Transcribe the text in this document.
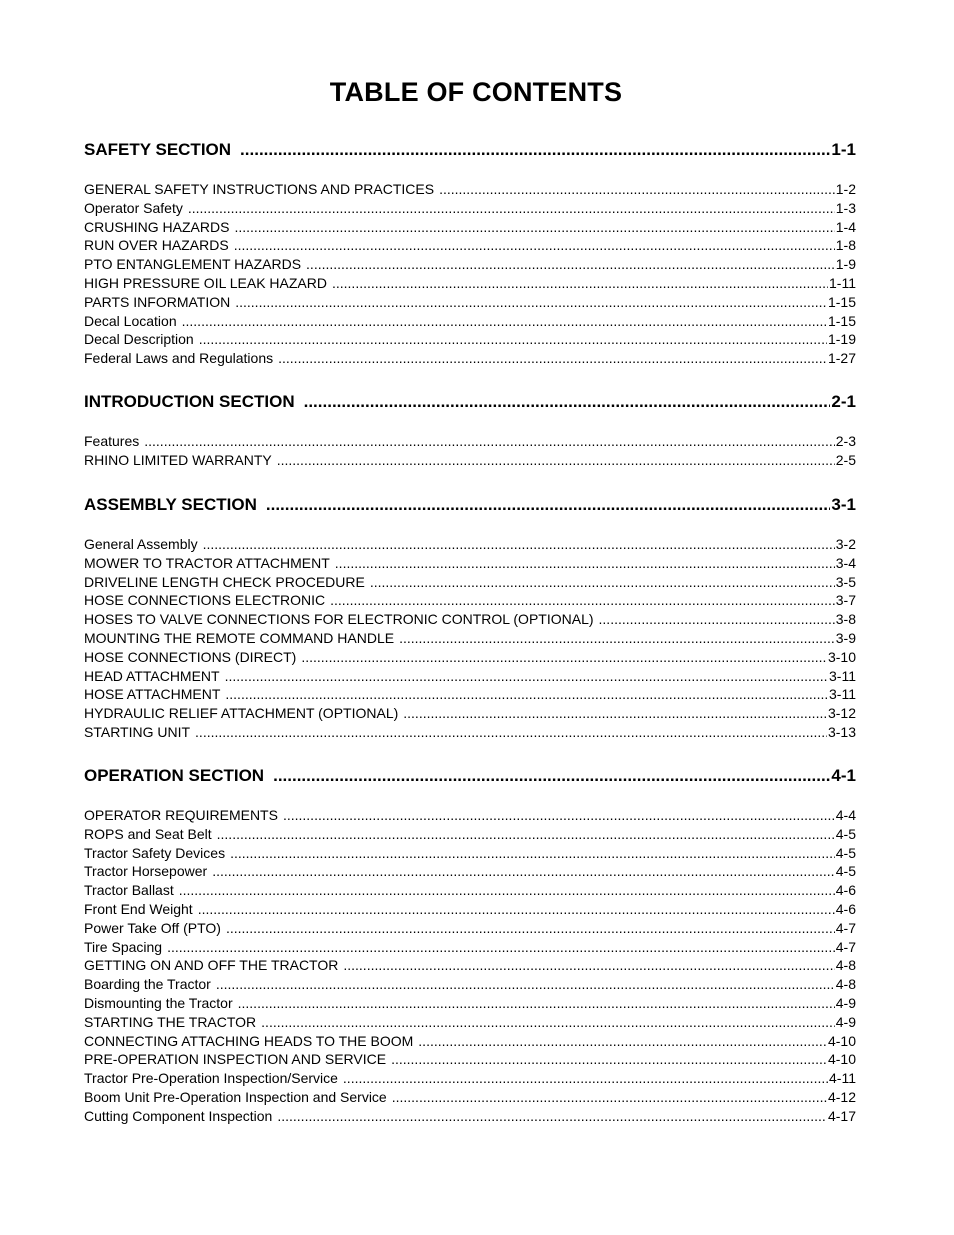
TABLE OF CONTENTS
SAFETY SECTION .....	1-1
GENERAL SAFETY INSTRUCTIONS AND PRACTICES .....	1-2
Operator Safety .....	1-3
CRUSHING HAZARDS .....	1-4
RUN OVER HAZARDS .....	1-8
PTO ENTANGLEMENT HAZARDS .....	1-9
HIGH PRESSURE OIL LEAK HAZARD .....	1-11
PARTS INFORMATION .....	1-15
Decal Location .....	1-15
Decal Description .....	1-19
Federal Laws and Regulations .....	1-27
INTRODUCTION SECTION .....	2-1
Features .....	2-3
RHINO LIMITED WARRANTY .....	2-5
ASSEMBLY SECTION .....	3-1
General Assembly .....	3-2
MOWER TO TRACTOR ATTACHMENT .....	3-4
DRIVELINE LENGTH CHECK PROCEDURE .....	3-5
HOSE CONNECTIONS ELECTRONIC .....	3-7
HOSES TO VALVE CONNECTIONS FOR ELECTRONIC CONTROL (OPTIONAL) .....	3-8
MOUNTING THE REMOTE COMMAND HANDLE .....	3-9
HOSE CONNECTIONS (DIRECT) .....	3-10
HEAD ATTACHMENT .....	3-11
HOSE ATTACHMENT .....	3-11
HYDRAULIC RELIEF ATTACHMENT (OPTIONAL) .....	3-12
STARTING UNIT .....	3-13
OPERATION SECTION .....	4-1
OPERATOR REQUIREMENTS .....	4-4
ROPS and Seat Belt .....	4-5
Tractor Safety Devices .....	4-5
Tractor Horsepower .....	4-5
Tractor Ballast .....	4-6
Front End Weight .....	4-6
Power Take Off (PTO) .....	4-7
Tire Spacing .....	4-7
GETTING ON AND OFF THE TRACTOR .....	4-8
Boarding the Tractor .....	4-8
Dismounting the Tractor .....	4-9
STARTING THE TRACTOR .....	4-9
CONNECTING ATTACHING HEADS TO THE BOOM .....	4-10
PRE-OPERATION INSPECTION AND SERVICE .....	4-10
Tractor Pre-Operation Inspection/Service .....	4-11
Boom Unit Pre-Operation Inspection and Service .....	4-12
Cutting Component Inspection .....	4-17
